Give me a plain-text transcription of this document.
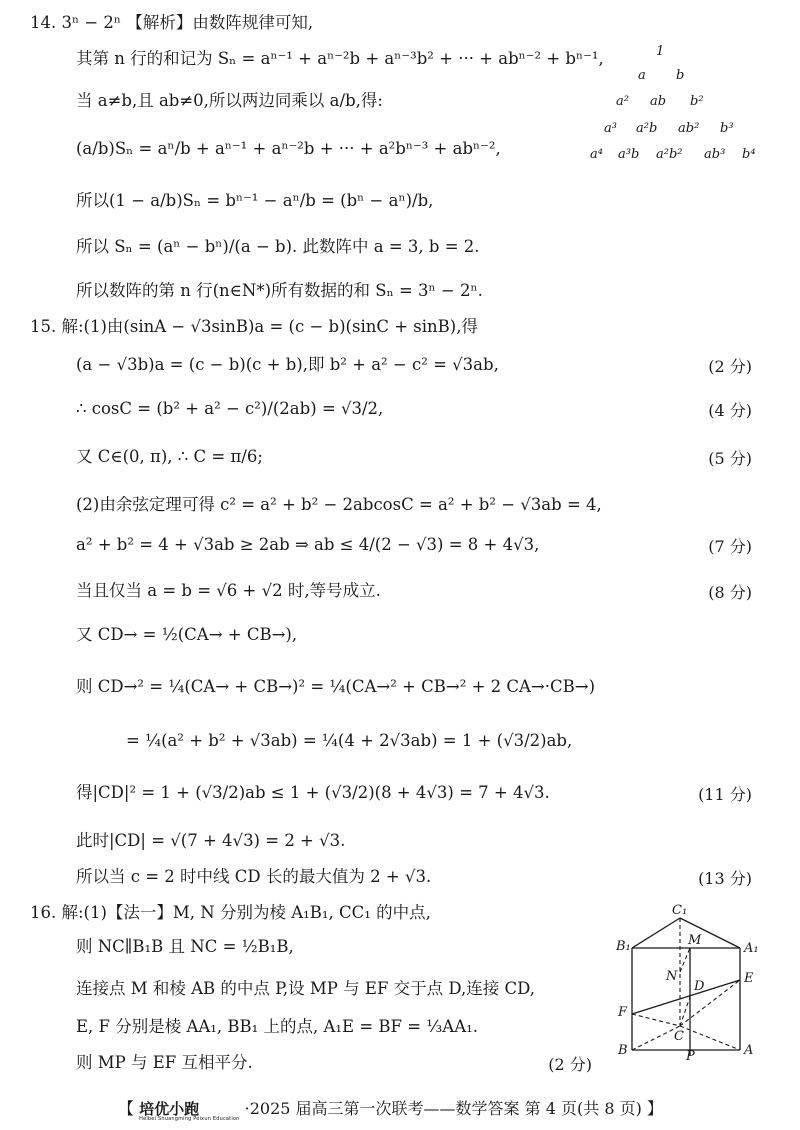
14. 3ⁿ − 2ⁿ 【解析】由数阵规律可知,
其第 n 行的和记为 Sₙ = aⁿ⁻¹ + aⁿ⁻²b + aⁿ⁻³b² + ··· + abⁿ⁻² + bⁿ⁻¹,
当 a≠b,且 ab≠0,所以两边同乘以 a/b,得:
(a/b)Sₙ = aⁿ/b + aⁿ⁻¹ + aⁿ⁻²b + ··· + a²bⁿ⁻³ + abⁿ⁻²,
所以(1 − a/b)Sₙ = bⁿ⁻¹ − aⁿ/b = (bⁿ − aⁿ)/b,
所以 Sₙ = (aⁿ − bⁿ)/(a − b). 此数阵中 a = 3, b = 2.
所以数阵的第 n 行(n∈N*)所有数据的和 Sₙ = 3ⁿ − 2ⁿ.
1
a b
a² ab b²
a³ a²b ab² b³
a⁴ a³b a²b² ab³ b⁴
15. 解:(1)由(sinA − √3sinB)a = (c − b)(sinC + sinB),得
(a − √3b)a = (c − b)(c + b),即 b² + a² − c² = √3ab,	(2 分)
∴ cosC = (b² + a² − c²)/(2ab) = √3/2,	(4 分)
又 C∈(0, π), ∴ C = π/6;	(5 分)
(2)由余弦定理可得 c² = a² + b² − 2abcosC = a² + b² − √3ab = 4,
a² + b² = 4 + √3ab ≥ 2ab ⇒ ab ≤ 4/(2 − √3) = 8 + 4√3,	(7 分)
当且仅当 a = b = √6 + √2 时,等号成立.	(8 分)
又 CD→ = ½(CA→ + CB→),
则 CD→² = ¼(CA→ + CB→)² = ¼(CA→² + CB→² + 2 CA→·CB→)
= ¼(a² + b² + √3ab) = ¼(4 + 2√3ab) = 1 + (√3/2)ab,
得|CD|² = 1 + (√3/2)ab ≤ 1 + (√3/2)(8 + 4√3) = 7 + 4√3.	(11 分)
此时|CD| = √(7 + 4√3) = 2 + √3.
所以当 c = 2 时中线 CD 长的最大值为 2 + √3.	(13 分)
16. 解:(1)【法一】M, N 分别为棱 A₁B₁, CC₁ 的中点,
则 NC∥B₁B 且 NC = ½B₁B,
连接点 M 和棱 AB 的中点 P,设 MP 与 EF 交于点 D,连接 CD,
E, F 分别是棱 AA₁, BB₁ 上的点, A₁E = BF = ⅓AA₁.
则 MP 与 EF 互相平分.	(2 分)
C₁
B₁	A₁
M
N
D
E
F
C
B	P	A
【 培优小跑
Heibei Shuangming Peixun Education
·2025 届高三第一次联考——数学答案 第 4 页(共 8 页) 】
